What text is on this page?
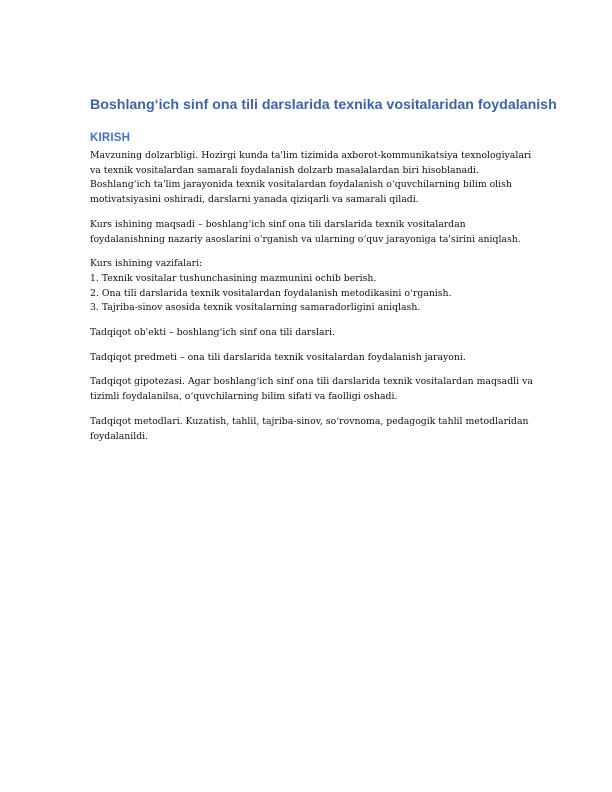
Boshlang‘ich sinf ona tili darslarida texnika vositalaridan foydalanish
KIRISH

Mavzuning dolzarbligi. Hozirgi kunda ta'lim tizimida axborot-kommunikatsiya texnologiyalari
va texnik vositalardan samarali foydalanish dolzarb masalalardan biri hisoblanadi.
Boshlang‘ich ta'lim jarayonida texnik vositalardan foydalanish o‘quvchilarning bilim olish
motivatsiyasini oshiradi, darslarni yanada qiziqarli va samarali qiladi.

Kurs ishining maqsadi – boshlang‘ich sinf ona tili darslarida texnik vositalardan
foydalanishning nazariy asoslarini o‘rganish va ularning o‘quv jarayoniga ta'sirini aniqlash.

Kurs ishining vazifalari:
1. Texnik vositalar tushunchasining mazmunini ochib berish.
2. Ona tili darslarida texnik vositalardan foydalanish metodikasini o‘rganish.
3. Tajriba-sinov asosida texnik vositalarning samaradorligini aniqlash.

Tadqiqot ob'ekti – boshlang‘ich sinf ona tili darslari.

Tadqiqot predmeti – ona tili darslarida texnik vositalardan foydalanish jarayoni.

Tadqiqot gipotezasi. Agar boshlang‘ich sinf ona tili darslarida texnik vositalardan maqsadli va
tizimli foydalanilsa, o‘quvchilarning bilim sifati va faolligi oshadi.

Tadqiqot metodlari. Kuzatish, tahlil, tajriba-sinov, so‘rovnoma, pedagogik tahlil metodlaridan
foydalanildi.
